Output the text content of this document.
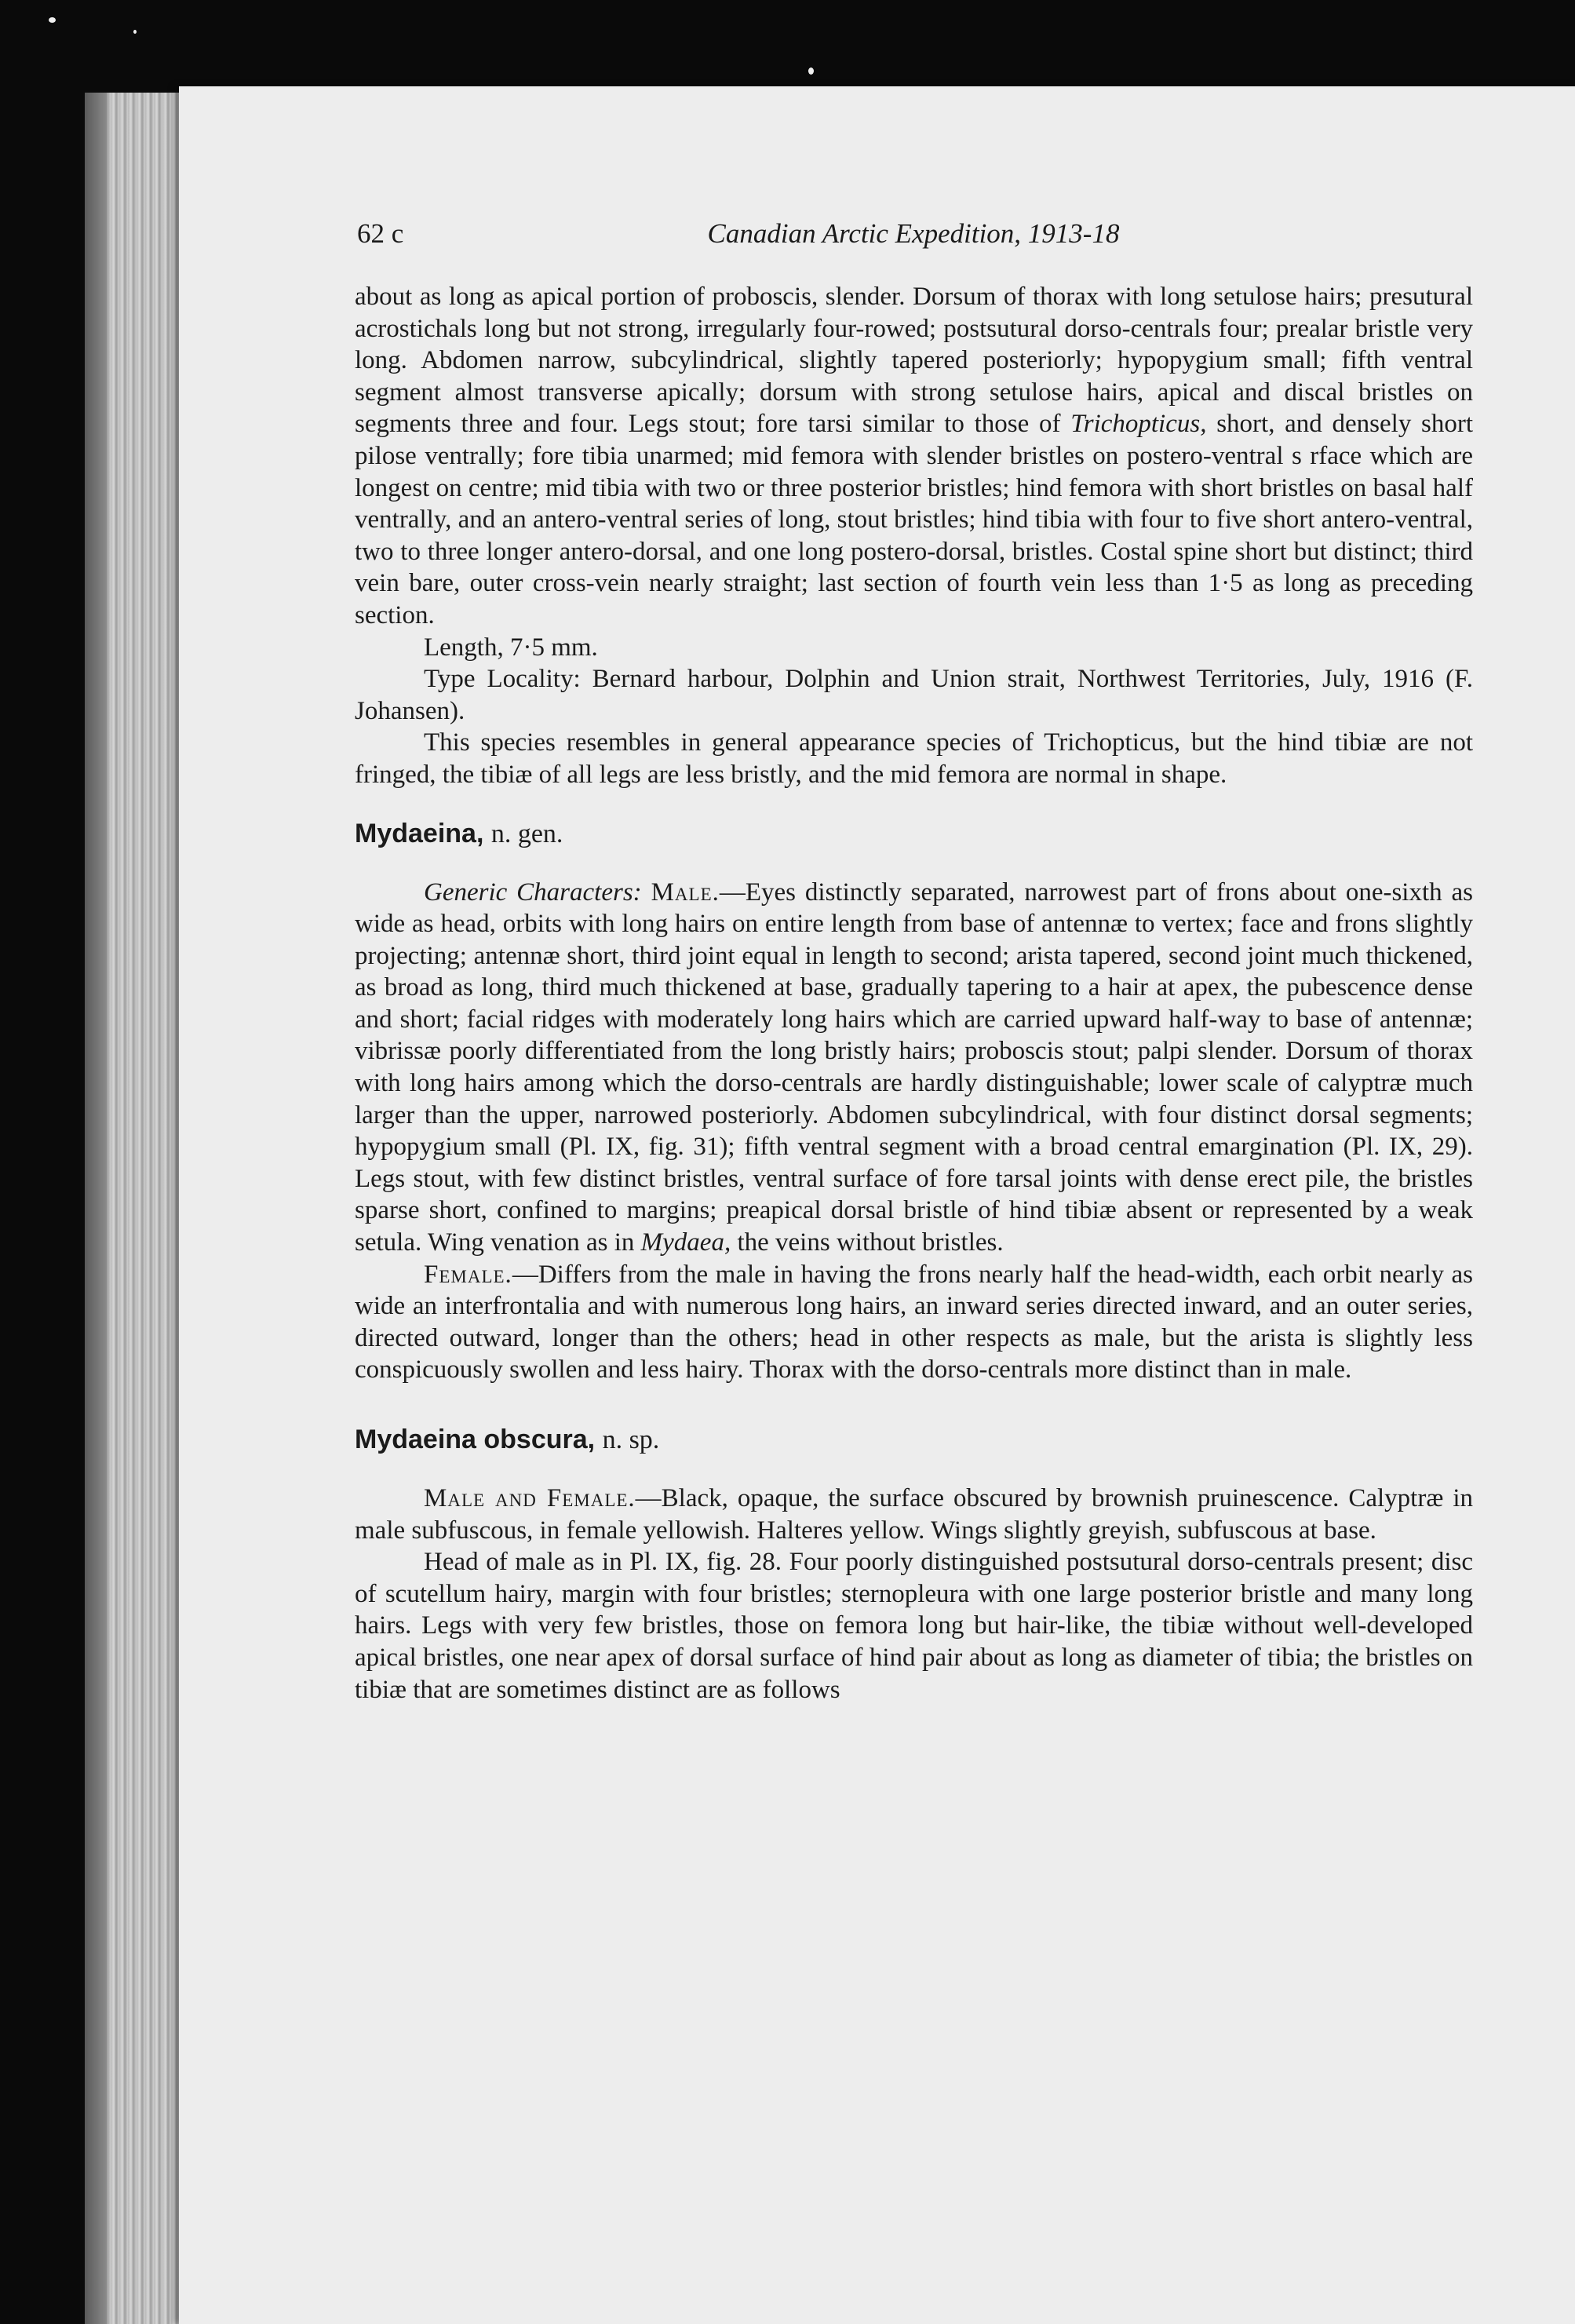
62 c	Canadian Arctic Expedition, 1913-18

about as long as apical portion of proboscis, slender. Dorsum of thorax with long setulose hairs; presutural acrostichals long but not strong, irregularly four-rowed; postsutural dorso-centrals four; prealar bristle very long. Abdomen narrow, subcylindrical, slightly tapered posteriorly; hypopygium small; fifth ventral segment almost transverse apically; dorsum with strong setulose hairs, apical and discal bristles on segments three and four. Legs stout; fore tarsi similar to those of Trichopticus, short, and densely short pilose ventrally; fore tibia unarmed; mid femora with slender bristles on postero-ventral s rface which are longest on centre; mid tibia with two or three posterior bristles; hind femora with short bristles on basal half ventrally, and an antero-ventral series of long, stout bristles; hind tibia with four to five short antero-ventral, two to three longer antero-dorsal, and one long postero-dorsal, bristles. Costal spine short but distinct; third vein bare, outer cross-vein nearly straight; last section of fourth vein less than 1·5 as long as preceding section.

Length, 7·5 mm.

Type Locality: Bernard harbour, Dolphin and Union strait, Northwest Territories, July, 1916 (F. Johansen).

This species resembles in general appearance species of Trichopticus, but the hind tibiæ are not fringed, the tibiæ of all legs are less bristly, and the mid femora are normal in shape.

Mydaeina, n. gen.

Generic Characters: Male.—Eyes distinctly separated, narrowest part of frons about one-sixth as wide as head, orbits with long hairs on entire length from base of antennæ to vertex; face and frons slightly projecting; antennæ short, third joint equal in length to second; arista tapered, second joint much thickened, as broad as long, third much thickened at base, gradually tapering to a hair at apex, the pubescence dense and short; facial ridges with moderately long hairs which are carried upward half-way to base of antennæ; vibrissæ poorly differentiated from the long bristly hairs; proboscis stout; palpi slender. Dorsum of thorax with long hairs among which the dorso-centrals are hardly distinguishable; lower scale of calyptræ much larger than the upper, narrowed posteriorly. Abdomen subcylindrical, with four distinct dorsal segments; hypopygium small (Pl. IX, fig. 31); fifth ventral segment with a broad central emargination (Pl. IX, 29). Legs stout, with few distinct bristles, ventral surface of fore tarsal joints with dense erect pile, the bristles sparse short, confined to margins; preapical dorsal bristle of hind tibiæ absent or represented by a weak setula. Wing venation as in Mydaea, the veins without bristles.

Female.—Differs from the male in having the frons nearly half the head-width, each orbit nearly as wide an interfrontalia and with numerous long hairs, an inward series directed inward, and an outer series, directed outward, longer than the others; head in other respects as male, but the arista is slightly less conspicuously swollen and less hairy. Thorax with the dorso-centrals more distinct than in male.

Mydaeina obscura, n. sp.

Male and Female.—Black, opaque, the surface obscured by brownish pruinescence. Calyptræ in male subfuscous, in female yellowish. Halteres yellow. Wings slightly greyish, subfuscous at base.

Head of male as in Pl. IX, fig. 28. Four poorly distinguished postsutural dorso-centrals present; disc of scutellum hairy, margin with four bristles; sternopleura with one large posterior bristle and many long hairs. Legs with very few bristles, those on femora long but hair-like, the tibiæ without well-developed apical bristles, one near apex of dorsal surface of hind pair about as long as diameter of tibia; the bristles on tibiæ that are sometimes distinct are as follows
